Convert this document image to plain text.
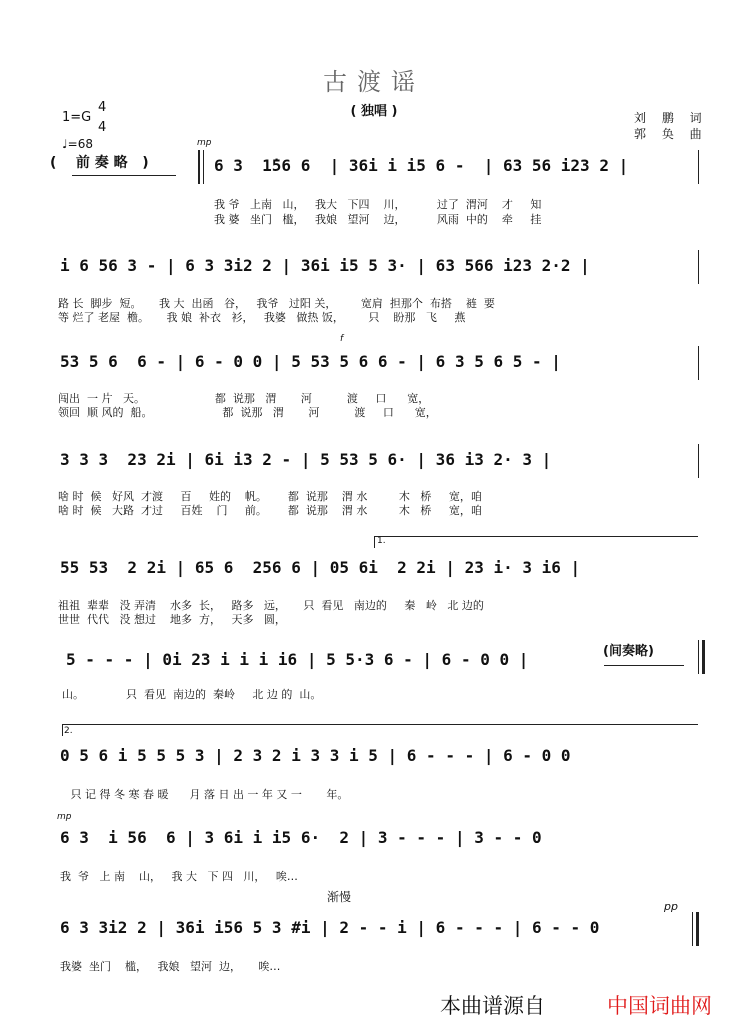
古渡谣
( 独唱 )
1=G
4
4
♩=68
刘 鹏 词
郭 奂 曲
(    前 奏 略   )
mp
6 3  1̇56 6  | 36i i i5 6 -  | 63 56 i23 2 |
我 爷   上南   山，   我大   下四    川，         过了  渭河    才     知
我 婆   坐门   槛，   我娘   望河    边，         风雨  中的    牵     挂
i 6 56 3 - | 6 3 3i2 2 | 36i i5 5 3· | 63 566 i23 2·2 |
路 长  脚步  短。     我 大  出函   谷，   我爷   过阳 关，       宽肩  担那个  布搭    裢  要
等 烂了 老屋  檐。     我 娘  补衣   衫，   我婆   做热 饭，       只    盼那   飞     燕
53 5 6  6 - | 6 - 0 0 | 5 53 5 6 6 - | 6 3 5 6 5 - |
闯出  一 片   天。                    都  说那   渭       河          渡     口      宽，
领回  顺 风的  船。                    都  说那   渭       河          渡     口      宽，
f
3 3 3  23 2i | 6i i3 2 - | 5 53 5 6· | 36 i3 2· 3 |
啥 时  候   好风  才渡     百     姓的    帆。      都  说那    渭 水         木   桥     宽，咱
啥 时  候   大路  才过     百姓    门     前。      都  说那    渭 水         木   桥     宽，咱
1.
55 53  2 2i | 65 6  256 6 | 05 6i  2 2i | 23 i· 3 i6 |
祖祖  辈辈   没 弄清    水多  长，   路多   远，     只  看见   南边的     秦   岭   北 边的
世世  代代   没 想过    地多  方，   天多   圆，
5 - - - | 0i 23 i i i i6 | 5 5·3 6 - | 6 - 0 0 |
山。            只  看见  南边的  秦岭     北 边 的  山。
(间奏略)
2.
0 5 6 i 5 5 5 3 | 2 3 2 i 3 3 i 5 | 6 - - - | 6 - 0 0
只 记 得 冬 寒 春 暖      月 落 日 出 一 年 又 一       年。
mp
6 3  i 56  6 | 3 6i i i5 6·  2 | 3 - - - | 3 - - 0
我  爷   上 南    山，   我 大   下 四   川，   唉…
渐慢
pp
6 3 3i2 2 | 36i i56 5 3 #i | 2 - - i | 6 - - - | 6 - - 0
我婆  坐门    槛，   我娘   望河  边，     唉…
本曲谱源自	中国词曲网
